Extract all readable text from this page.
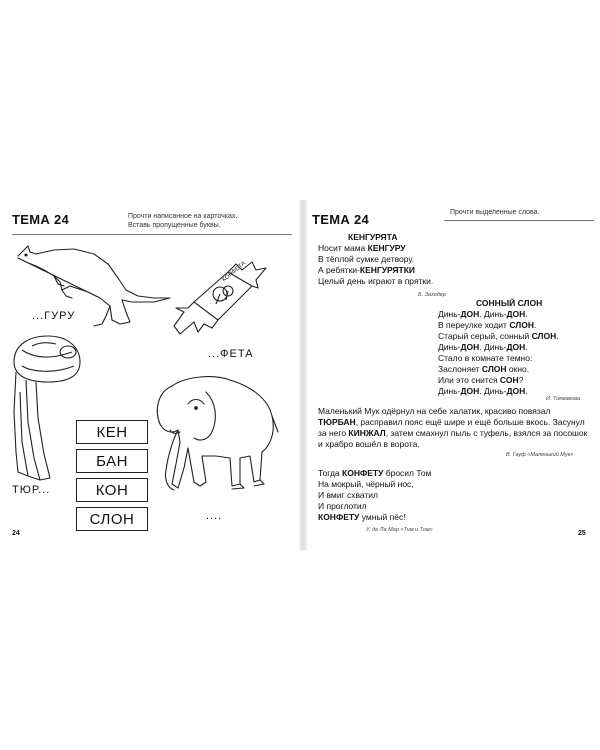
ТЕМА 24	Прочти написанное на карточках.
Вставь пропущенные буквы.
...ГУРУ
КОНФЕТА
...ФЕТА
ТЮР...
КЕН
БАН
КОН
СЛОН	....
24
ТЕМА 24	Прочти выделенные слова.
КЕНГУРЯТА
Носит мама КЕНГУРУ
В тёплой сумке детвору.
А ребятки-КЕНГУРЯТКИ
Целый день играют в прятки.
Б. Заходер
СОННЫЙ СЛОН
Динь-ДОН. Динь-ДОН.
В переулке ходит СЛОН.
Старый серый, сонный СЛОН.
Динь-ДОН. Динь-ДОН.
Стало в комнате темно:
Заслоняет СЛОН окно.
Или это снится СОН?
Динь-ДОН. Динь-ДОН.
И. Токмакова
Маленький Мук одёрнул на себе халатик, красиво повязал ТЮРБАН, расправил пояс ещё шире и ещё больше вкось. Засунул за него КИНЖАЛ, затем смахнул пыль с туфель, взялся за посошок и храбро вошёл в ворота.
В. Гауф «Маленький Мук»
Тогда КОНФЕТУ бросил Том
На мокрый, чёрный нос,
И вмиг схватил
И проглотил
КОНФЕТУ умный пёс!
У. де Ла Мар «Тим и Том»	25
